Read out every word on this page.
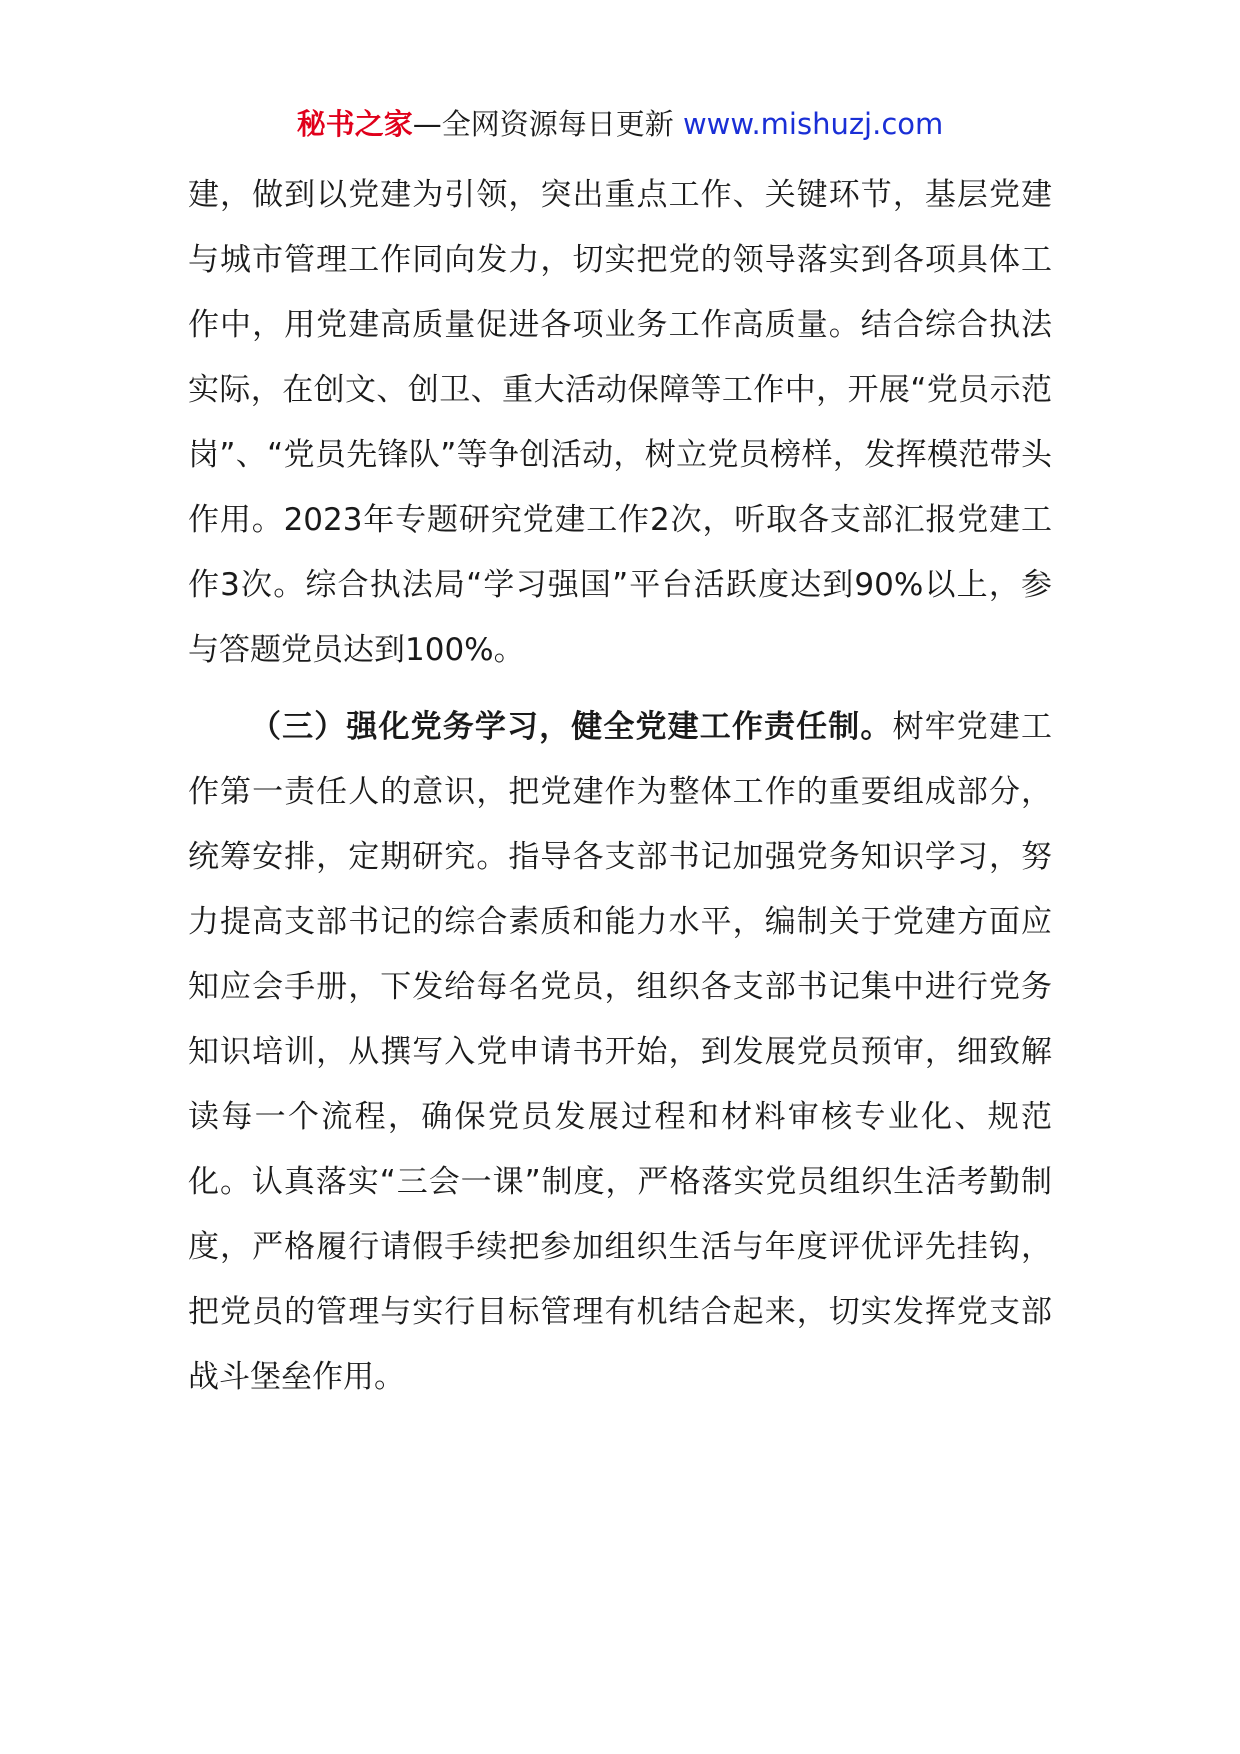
秘书之家—全网资源每日更新 www.mishuzj.com

建，做到以党建为引领，突出重点工作、关键环节，基层党建与城市管理工作同向发力，切实把党的领导落实到各项具体工作中，用党建高质量促进各项业务工作高质量。结合综合执法实际，在创文、创卫、重大活动保障等工作中，开展“党员示范岗”、“党员先锋队”等争创活动，树立党员榜样，发挥模范带头作用。2023年专题研究党建工作2次，听取各支部汇报党建工作3次。综合执法局“学习强国”平台活跃度达到90%以上，参与答题党员达到100%。

（三）强化党务学习，健全党建工作责任制。树牢党建工作第一责任人的意识，把党建作为整体工作的重要组成部分，统筹安排，定期研究。指导各支部书记加强党务知识学习，努力提高支部书记的综合素质和能力水平，编制关于党建方面应知应会手册，下发给每名党员，组织各支部书记集中进行党务知识培训，从撰写入党申请书开始，到发展党员预审，细致解读每一个流程，确保党员发展过程和材料审核专业化、规范化。认真落实“三会一课”制度，严格落实党员组织生活考勤制度，严格履行请假手续把参加组织生活与年度评优评先挂钩，把党员的管理与实行目标管理有机结合起来，切实发挥党支部战斗堡垒作用。
